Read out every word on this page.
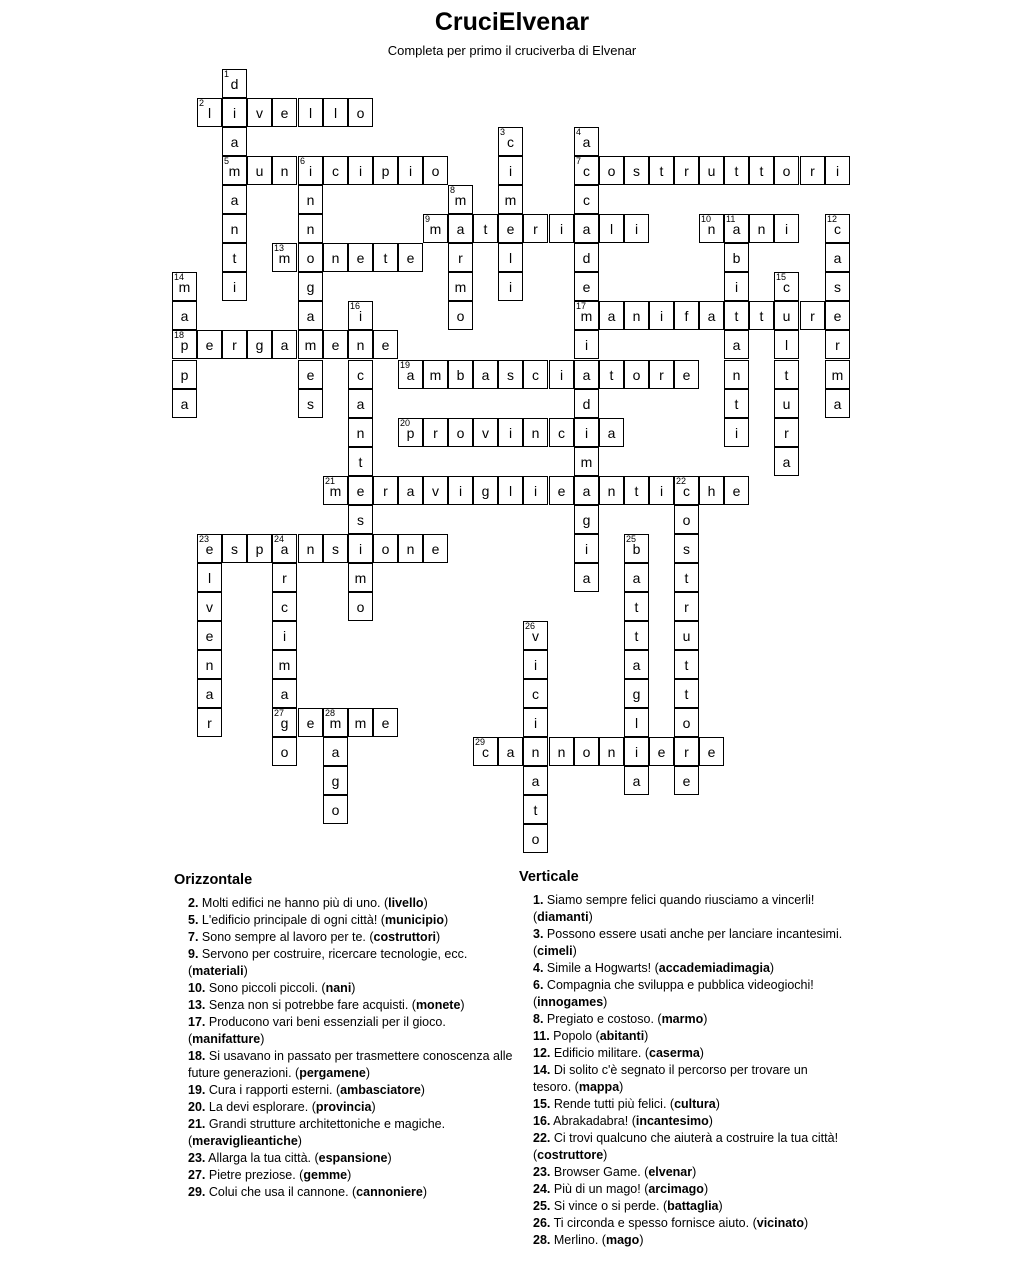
CruciElvenar
Completa per primo il cruciverba di Elvenar
2
l	i	v	e	l	l	o
5
m	u	n
6
i	c	i	p	i	o
7
c	o	s	t	r	u	t	t	o	r	i
9
m	a	t	e	r	i	a	l	i
10
n
11
a	n	i
13
m	o	n	e	t	e
17
m	a	n	i	f	a	t	t	u	r	e
18
p	e	r	g	a	m	e	n	e
19
a	m	b	a	s	c	i	a	t	o	r	e
20
p	r	o	v	i	n	c	i	a
21
m	e	r	a	v	i	g	l	i	e	a	n	t	i
22
c	h	e
23
e	s	p
24
a	n	s	i	o	n	e
27
g	e
28
m m	e
29
c	a	n	n	o	n	i	e	r	e
1
d
a
a
n
t
i
3
c
i
m
l
i
4
a
c
d
e
i
d
m
g
i
a
n
n
g
a
e
s
8
m
r
m
o
b
i
a
n
t
i
12
c
a
s
r
m
a
14
m
a
p
a
15
c
l
t
u
r
a
16
i
c
a
n
t
s
m
o
o
s
t
r
u
t
t
o
e
l
v
e
n
a
r
r
c
i
m
a
o
25
b
a
t
t
a
g
l
a
26
v
i
c
i
a
t
o
a
g
o
Orizzontale
2. Molti edifici ne hanno più di uno. (livello)
5. L'edificio principale di ogni città! (municipio)
7. Sono sempre al lavoro per te. (costruttori)
9. Servono per costruire, ricercare tecnologie, ecc. (materiali)
10. Sono piccoli piccoli. (nani)
13. Senza non si potrebbe fare acquisti. (monete)
17. Producono vari beni essenziali per il gioco. (manifatture)
18. Si usavano in passato per trasmettere conoscenza alle future generazioni. (pergamene)
19. Cura i rapporti esterni. (ambasciatore)
20. La devi esplorare. (provincia)
21. Grandi strutture architettoniche e magiche. (meraviglieantiche)
23. Allarga la tua città. (espansione)
27. Pietre preziose. (gemme)
29. Colui che usa il cannone. (cannoniere)
Verticale
1. Siamo sempre felici quando riusciamo a vincerli! (diamanti)
3. Possono essere usati anche per lanciare incantesimi. (cimeli)
4. Simile a Hogwarts! (accademiadimagia)
6. Compagnia che sviluppa e pubblica videogiochi! (innogames)
8. Pregiato e costoso. (marmo)
11. Popolo (abitanti)
12. Edificio militare. (caserma)
14. Di solito c'è segnato il percorso per trovare un tesoro. (mappa)
15. Rende tutti più felici. (cultura)
16. Abrakadabra! (incantesimo)
22. Ci trovi qualcuno che aiuterà a costruire la tua città! (costruttore)
23. Browser Game. (elvenar)
24. Più di un mago! (arcimago)
25. Si vince o si perde. (battaglia)
26. Ti circonda e spesso fornisce aiuto. (vicinato)
28. Merlino. (mago)
